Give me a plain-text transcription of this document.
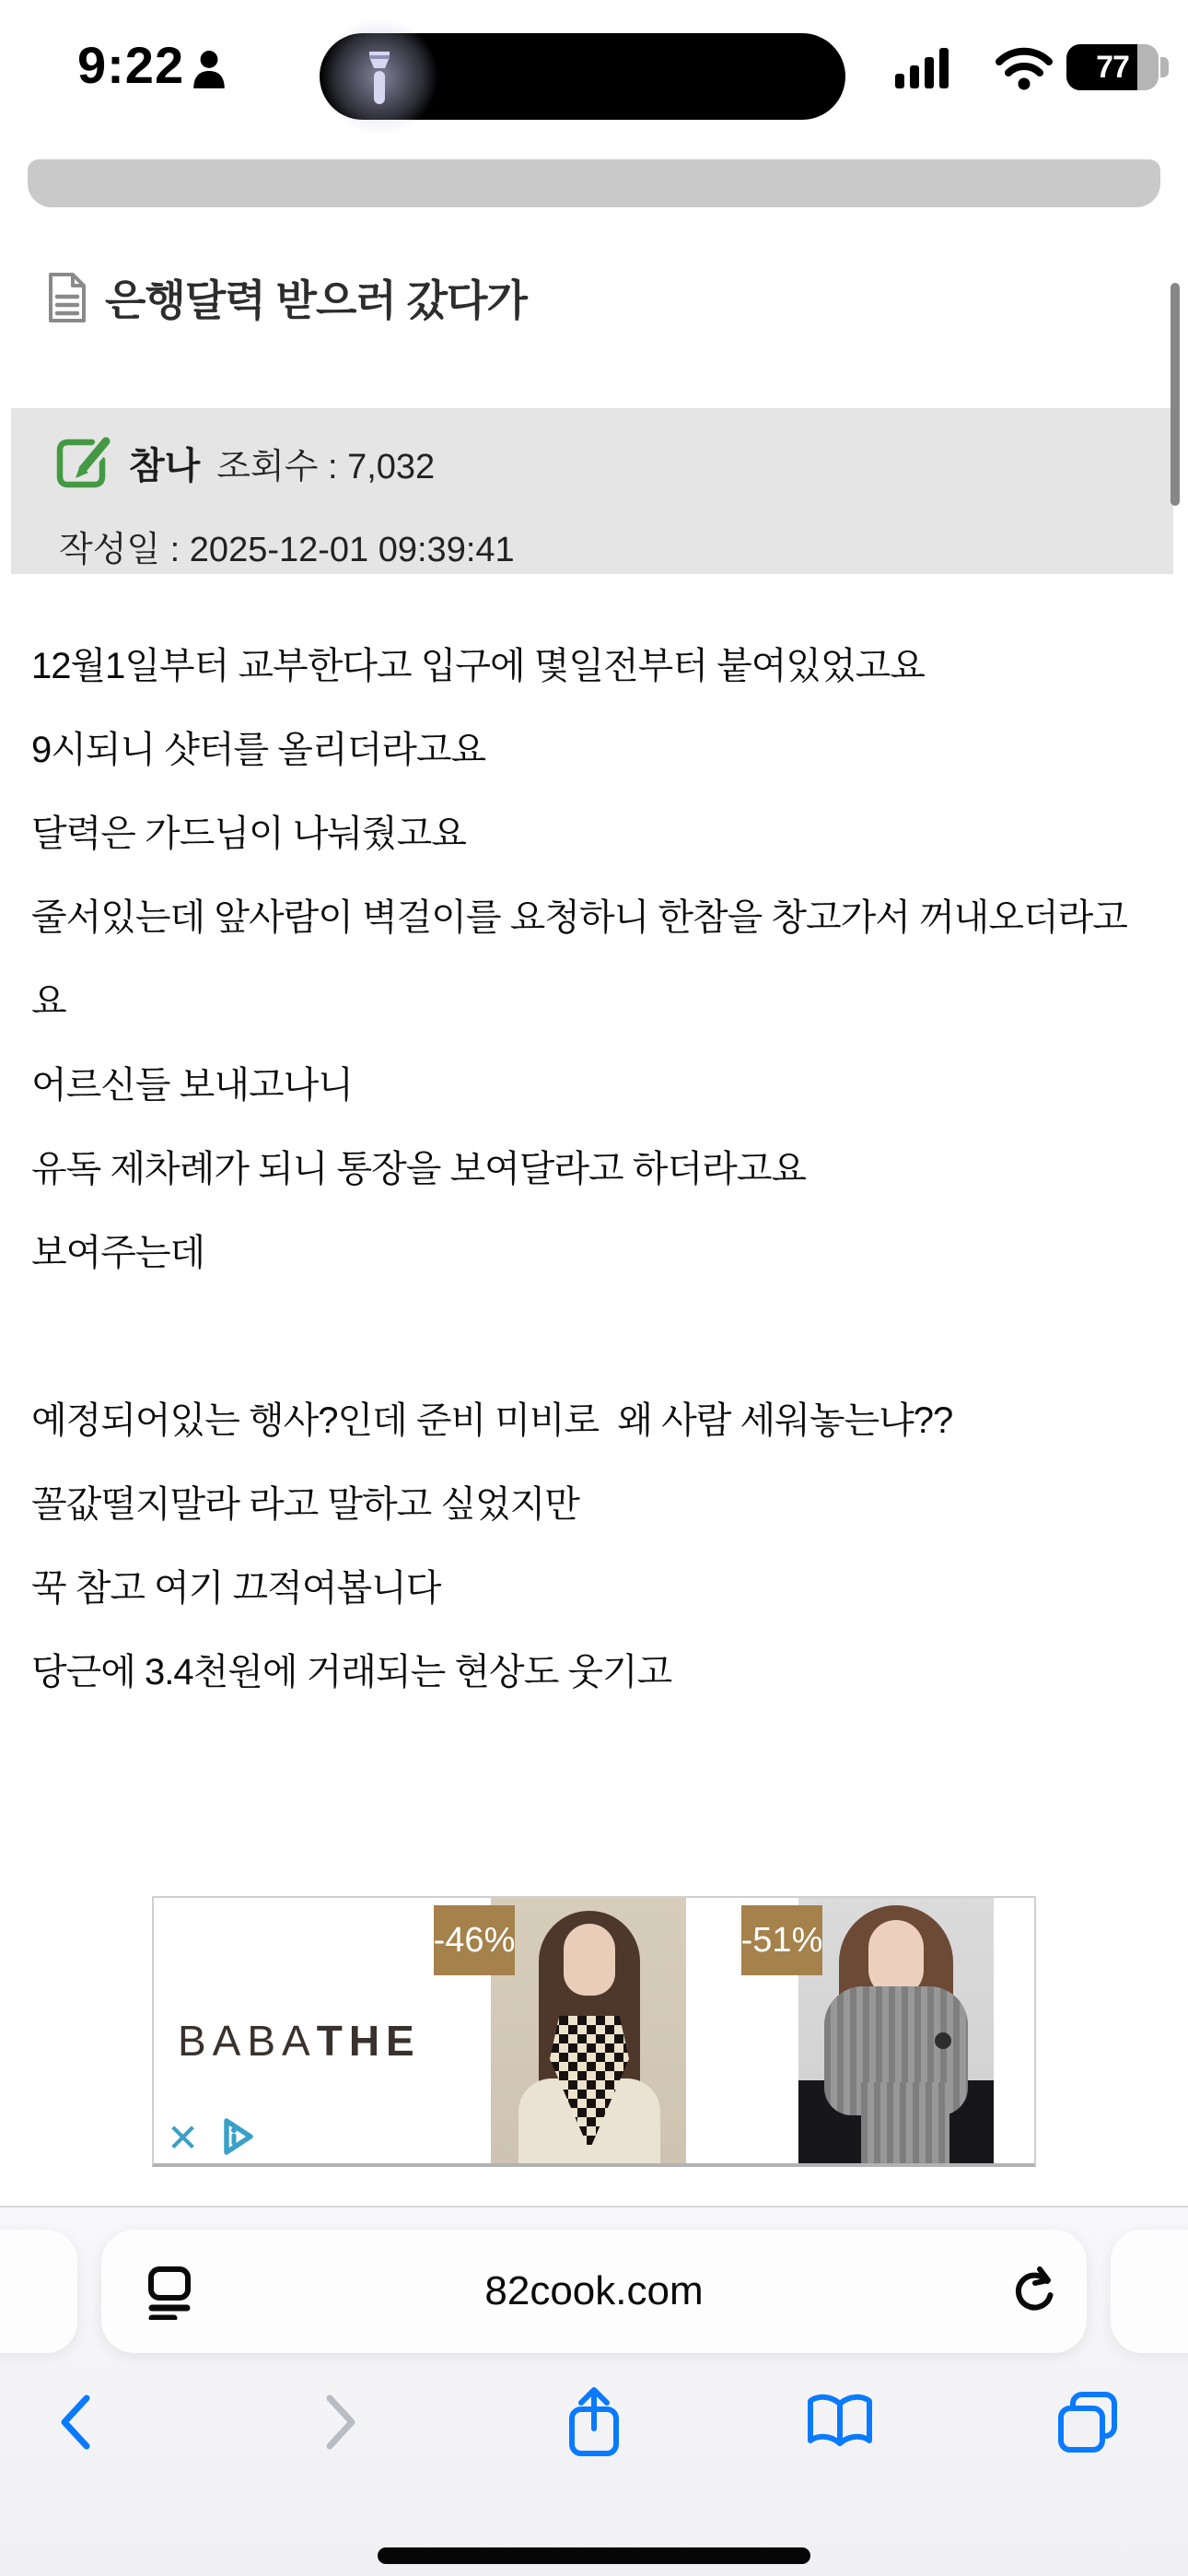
9:22	77
은행달력 받으러 갔다가
참나 조회수 : 7,032
작성일 : 2025-12-01 09:39:41
12월1일부터 교부한다고 입구에 몇일전부터 붙여있었고요
9시되니 샷터를 올리더라고요
달력은 가드님이 나눠줬고요
줄서있는데 앞사람이 벽걸이를 요청하니 한참을 창고가서 꺼내오더라고
요
어르신들 보내고나니
유독 제차례가 되니 통장을 보여달라고 하더라고요
보여주는데
예정되어있는 행사?인데 준비 미비로  왜 사람 세워놓는냐??
꼴값떨지말라 라고 말하고 싶었지만
꾹 참고 여기 끄적여봅니다
당근에 3.4천원에 거래되는 현상도 웃기고
BABATHE
✕
-46%	-51%
82cook.com
